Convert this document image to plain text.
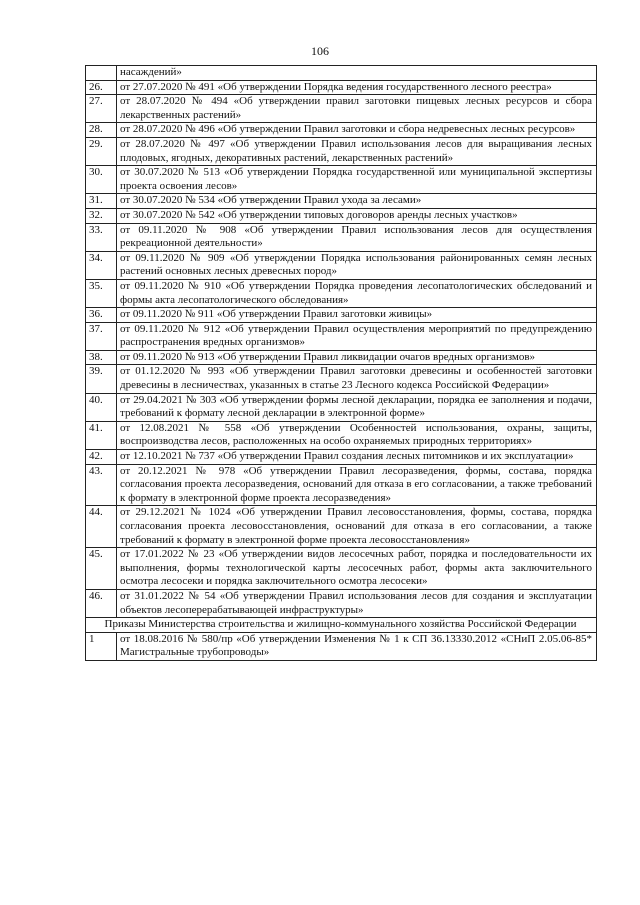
106
	насаждений»
26.	от 27.07.2020 № 491 «Об утверждении Порядка ведения государственного лесного реестра»
27.	от 28.07.2020 № 494 «Об утверждении правил заготовки пищевых лесных ресурсов и сбора лекарственных растений»
28.	от 28.07.2020 № 496 «Об утверждении Правил заготовки и сбора недревесных лесных ресурсов»
29.	от 28.07.2020 № 497 «Об утверждении Правил использования лесов для выращивания лесных плодовых, ягодных, декоративных растений, лекарственных растений»
30.	от 30.07.2020 № 513 «Об утверждении Порядка государственной или муниципальной экспертизы проекта освоения лесов»
31.	от 30.07.2020 № 534 «Об утверждении Правил ухода за лесами»
32.	от 30.07.2020 № 542 «Об утверждении типовых договоров аренды лесных участков»
33.	от 09.11.2020 № 908 «Об утверждении Правил использования лесов для осуществления рекреационной деятельности»
34.	от 09.11.2020 № 909 «Об утверждении Порядка использования районированных семян лесных растений основных лесных древесных пород»
35.	от 09.11.2020 № 910 «Об утверждении Порядка проведения лесопатологических обследований и формы акта лесопатологического обследования»
36.	от 09.11.2020 № 911 «Об утверждении Правил заготовки живицы»
37.	от 09.11.2020 № 912 «Об утверждении Правил осуществления мероприятий по предупреждению распространения вредных организмов»
38.	от 09.11.2020 № 913 «Об утверждении Правил ликвидации очагов вредных организмов»
39.	от 01.12.2020 № 993 «Об утверждении Правил заготовки древесины и особенностей заготовки древесины в лесничествах, указанных в статье 23 Лесного кодекса Российской Федерации»
40.	от 29.04.2021 № 303 «Об утверждении формы лесной декларации, порядка ее заполнения и подачи, требований к формату лесной декларации в электронной форме»
41.	от 12.08.2021 № 558 «Об утверждении Особенностей использования, охраны, защиты, воспроизводства лесов, расположенных на особо охраняемых природных территориях»
42.	от 12.10.2021 № 737 «Об утверждении Правил создания лесных питомников и их эксплуатации»
43.	от 20.12.2021 № 978 «Об утверждении Правил лесоразведения, формы, состава, порядка согласования проекта лесоразведения, оснований для отказа в его согласовании, а также требований к формату в электронной форме проекта лесоразведения»
44.	от 29.12.2021 № 1024 «Об утверждении Правил лесовосстановления, формы, состава, порядка согласования проекта лесовосстановления, оснований для отказа в его согласовании, а также требований к формату в электронной форме проекта лесовосстановления»
45.	от 17.01.2022 № 23 «Об утверждении видов лесосечных работ, порядка и последовательности их выполнения, формы технологической карты лесосечных работ, формы акта заключительного осмотра лесосеки и порядка заключительного осмотра лесосеки»
46.	от 31.01.2022 № 54 «Об утверждении Правил использования лесов для создания и эксплуатации объектов лесоперерабатывающей инфраструктуры»
Приказы Министерства строительства и жилищно-коммунального хозяйства Российской Федерации	
1	от 18.08.2016 № 580/пр «Об утверждении Изменения № 1 к СП 36.13330.2012 «СНиП 2.05.06-85* Магистральные трубопроводы»
